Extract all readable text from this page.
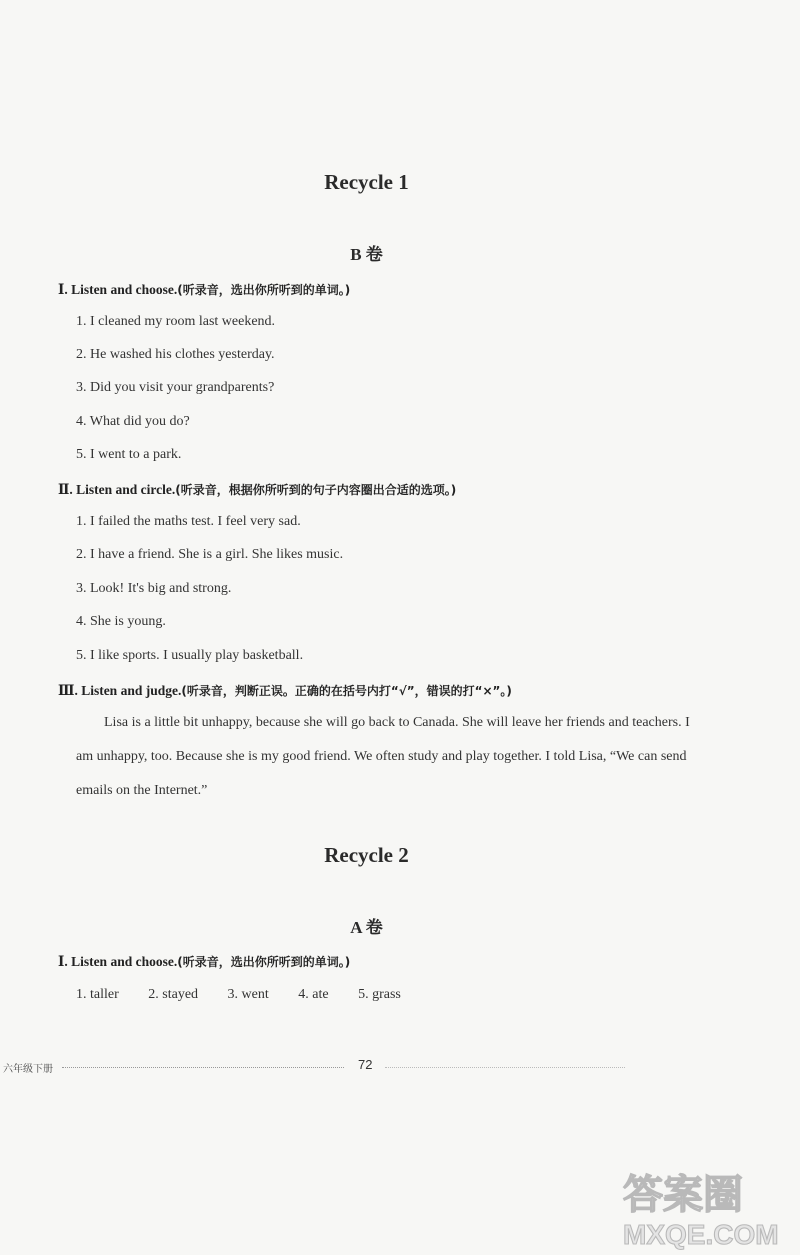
Recycle 1
B 卷
Ⅰ. Listen and choose.(听录音，选出你所听到的单词。)
1. I cleaned my room last weekend.
2. He washed his clothes yesterday.
3. Did you visit your grandparents?
4. What did you do?
5. I went to a park.
Ⅱ. Listen and circle.(听录音，根据你所听到的句子内容圈出合适的选项。)
1. I failed the maths test. I feel very sad.
2. I have a friend. She is a girl. She likes music.
3. Look! It's big and strong.
4. She is young.
5. I like sports. I usually play basketball.
Ⅲ. Listen and judge.(听录音，判断正误。正确的在括号内打“√”，错误的打“×”。)
Lisa is a little bit unhappy, because she will go back to Canada. She will leave her friends and teachers. I am unhappy, too. Because she is my good friend. We often study and play together. I told Lisa, “We can send emails on the Internet.”
Recycle 2
A 卷
Ⅰ. Listen and choose.(听录音，选出你所听到的单词。)
1. taller 2. stayed 3. went 4. ate 5. grass
六年级下册	72
答案圈
MXQE.COM
